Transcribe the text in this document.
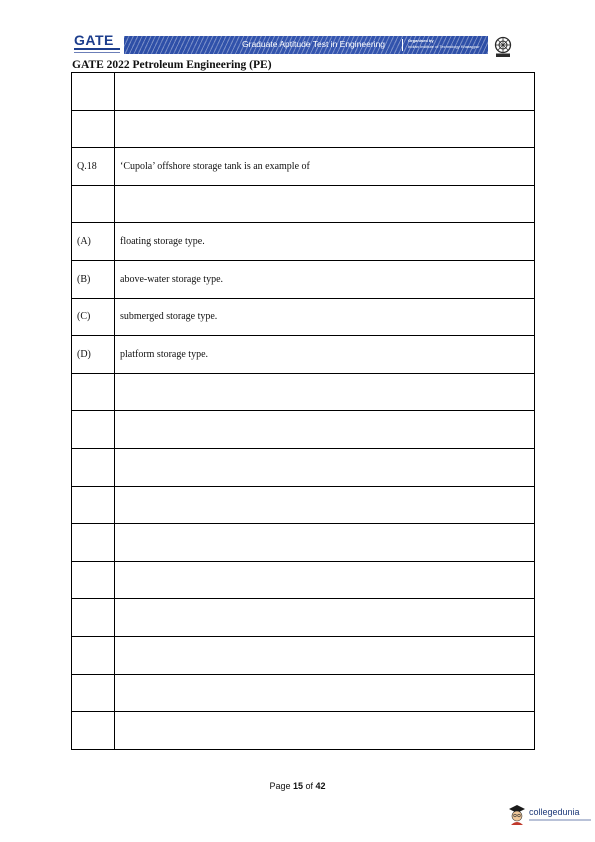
GATE	Graduate Aptitude Test in Engineering	Organised by
Indian Institute of Technology Kharagpur
GATE 2022 Petroleum Engineering (PE)

Q.18	‘Cupola’ offshore storage tank is an example of

(A)	floating storage type.
(B)	above-water storage type.
(C)	submerged storage type.
(D)	platform storage type.

Page 15 of 42
collegedunia
